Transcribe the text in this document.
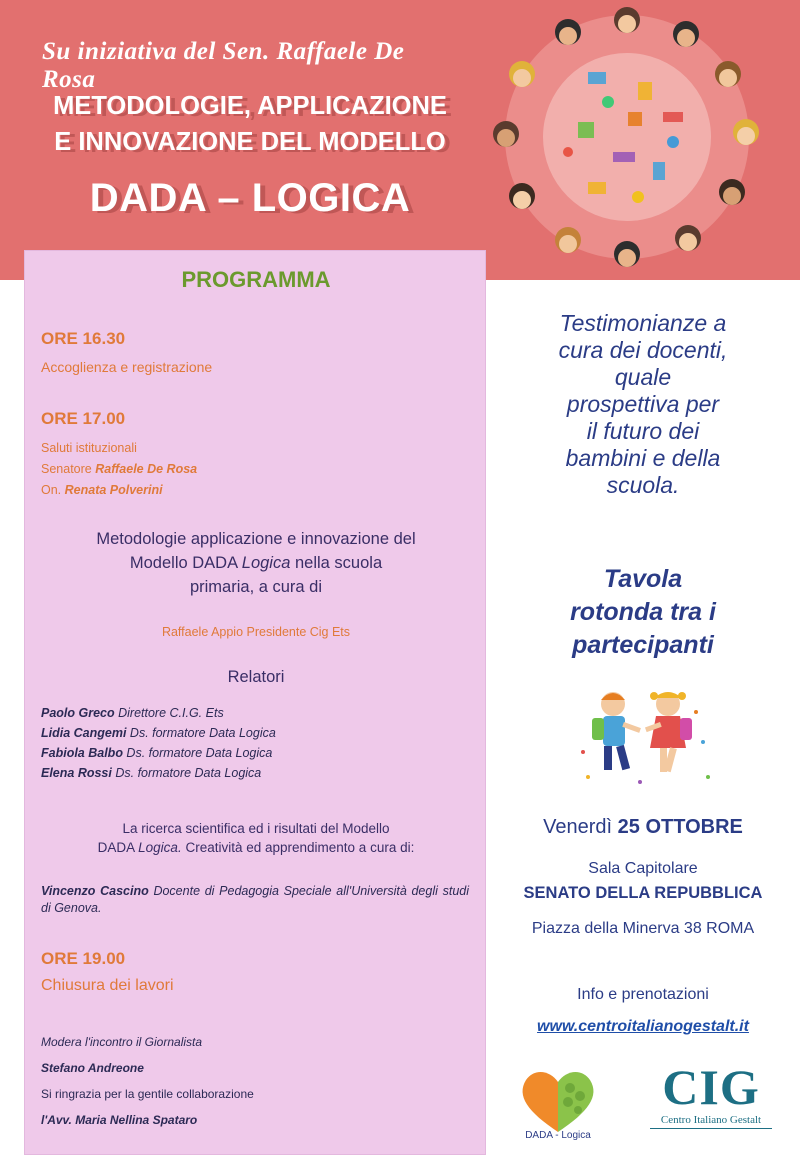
Su iniziativa del Sen. Raffaele De Rosa
METODOLOGIE, APPLICAZIONE
E INNOVAZIONE DEL MODELLO
DADA – LOGICA
PROGRAMMA
ORE 16.30
Accoglienza e registrazione
ORE 17.00
Saluti istituzionali
Senatore Raffaele De Rosa
On. Renata Polverini
Metodologie applicazione e innovazione del
Modello DADA Logica nella scuola
primaria, a cura di
Raffaele Appio Presidente Cig Ets
Relatori
Paolo Greco Direttore C.I.G. Ets
Lidia Cangemi Ds. formatore Data Logica
Fabiola Balbo Ds. formatore Data Logica
Elena Rossi Ds. formatore Data Logica
La ricerca scientifica ed i risultati del Modello
DADA Logica. Creatività ed apprendimento a cura di:
Vincenzo Cascino Docente di Pedagogia Speciale all'Università degli studi di Genova.
ORE 19.00
Chiusura dei lavori
Modera l'incontro il Giornalista
Stefano Andreone
Si ringrazia per la gentile collaborazione
l'Avv. Maria Nellina Spataro
Testimonianze a
cura dei docenti,
quale
prospettiva per
il futuro dei
bambini e della
scuola.
Tavola
rotonda tra i
partecipanti
Venerdì 25 OTTOBRE
Sala Capitolare
SENATO DELLA REPUBBLICA
Piazza della Minerva 38 ROMA
Info e prenotazioni
www.centroitalianogestalt.it
DADA - Logica
CIG
Centro Italiano Gestalt
